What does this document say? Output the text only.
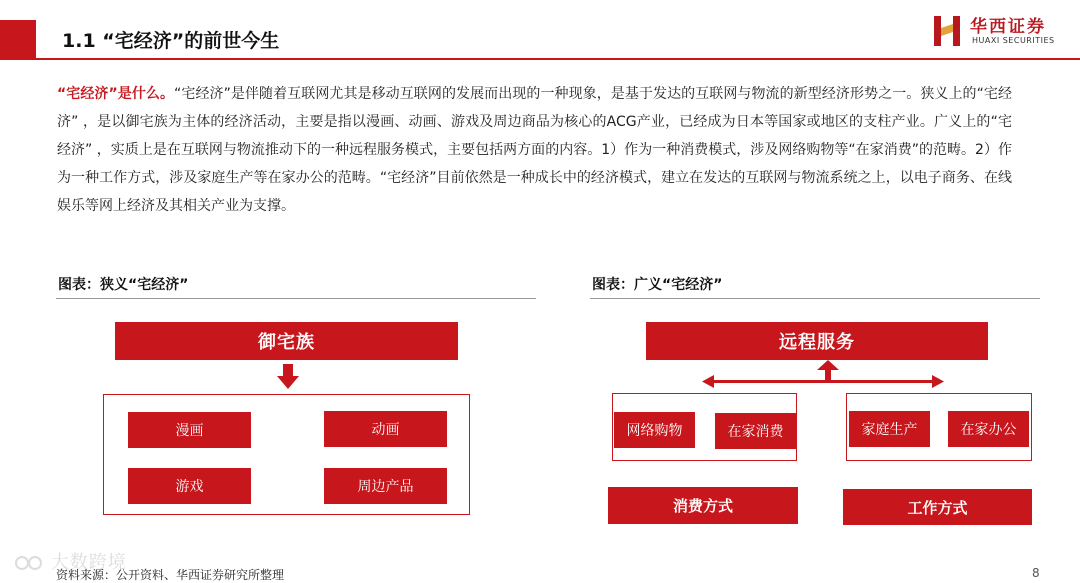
1.1 “宅经济”的前世今生
华西证券
HUAXI SECURITIES
“宅经济”是什么。“宅经济”是伴随着互联网尤其是移动互联网的发展而出现的一种现象，是基于发达的互联网与物流的新型经济形势之一。狭义上的“宅经济” ，是以御宅族为主体的经济活动，主要是指以漫画、动画、游戏及周边商品为核心的ACG产业，已经成为日本等国家或地区的支柱产业。广义上的“宅经济” ，实质上是在互联网与物流推动下的一种远程服务模式，主要包括两方面的内容。1）作为一种消费模式，涉及网络购物等“在家消费”的范畴。2）作为一种工作方式，涉及家庭生产等在家办公的范畴。“宅经济”目前依然是一种成长中的经济模式，建立在发达的互联网与物流系统之上，以电子商务、在线娱乐等网上经济及其相关产业为支撑。
图表：狭义“宅经济”
御宅族
漫画	动画
游戏	周边产品
图表：广义“宅经济”
远程服务
网络购物	在家消费	家庭生产	在家办公
消费方式	工作方式
大数跨境
资料来源：公开资料、华西证券研究所整理	8
